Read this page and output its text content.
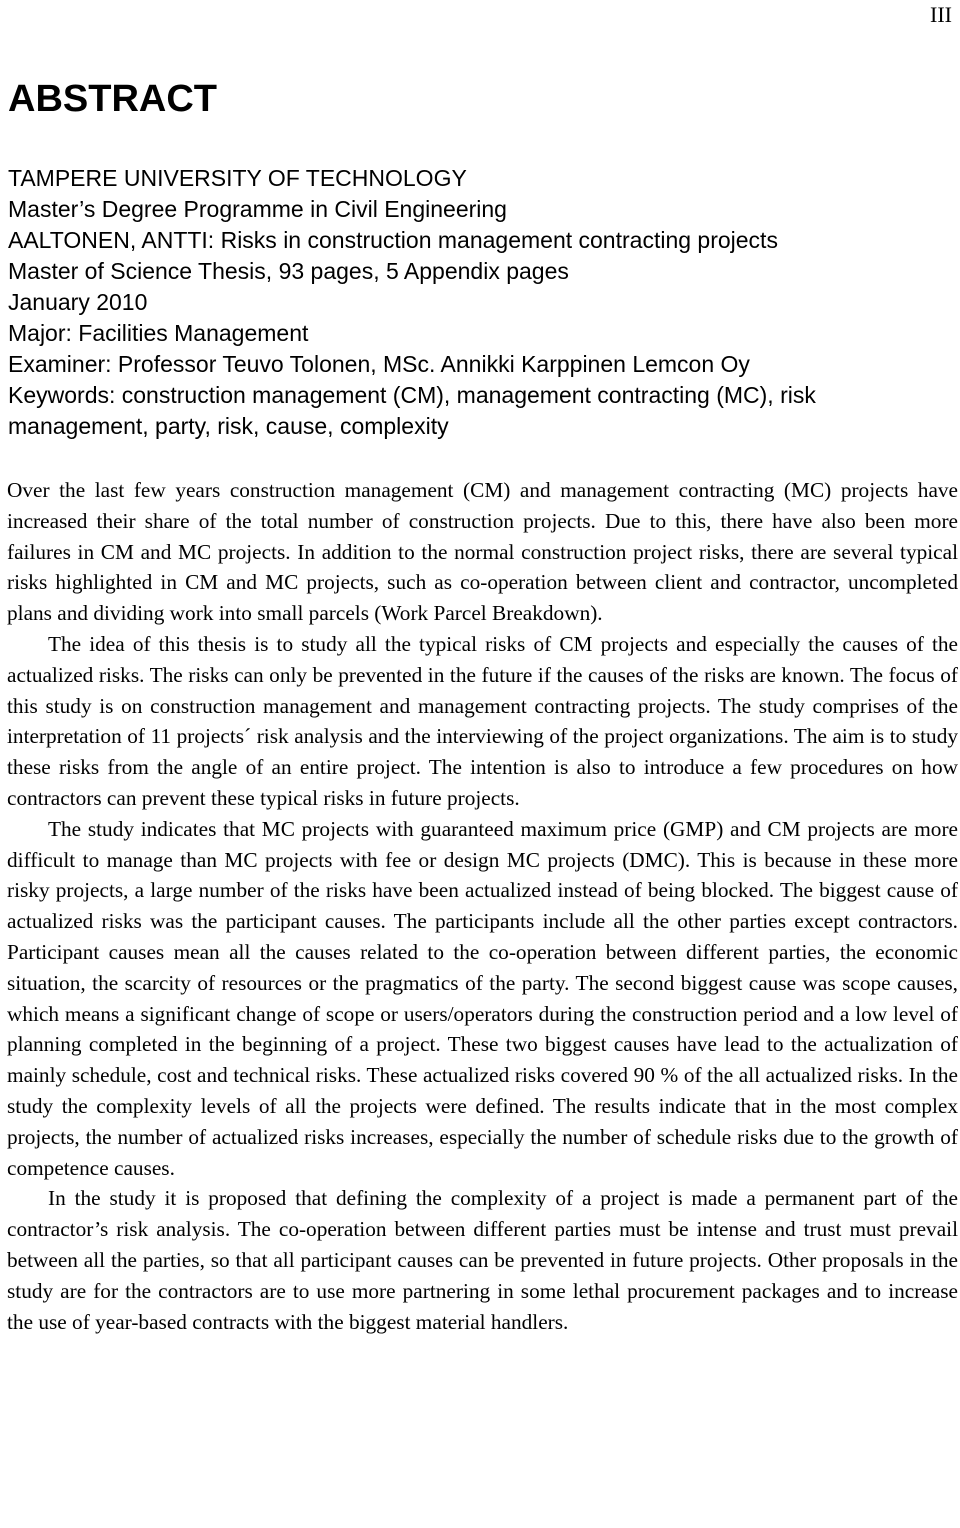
III
ABSTRACT
TAMPERE UNIVERSITY OF TECHNOLOGY
Master’s Degree Programme in Civil Engineering
AALTONEN, ANTTI: Risks in construction management contracting projects
Master of Science Thesis, 93 pages, 5 Appendix pages
January 2010
Major: Facilities Management
Examiner: Professor Teuvo Tolonen, MSc. Annikki Karppinen Lemcon Oy
Keywords: construction management (CM), management contracting (MC), risk management, party, risk, cause, complexity

Over the last few years construction management (CM) and management contracting (MC) projects have increased their share of the total number of construction projects. Due to this, there have also been more failures in CM and MC projects. In addition to the normal construction project risks, there are several typical risks highlighted in CM and MC projects, such as co-operation between client and contractor, uncompleted plans and dividing work into small parcels (Work Parcel Breakdown).

The idea of this thesis is to study all the typical risks of CM projects and especially the causes of the actualized risks. The risks can only be prevented in the future if the causes of the risks are known. The focus of this study is on construction management and management contracting projects. The study comprises of the interpretation of 11 projects´ risk analysis and the interviewing of the project organizations. The aim is to study these risks from the angle of an entire project. The intention is also to introduce a few procedures on how contractors can prevent these typical risks in future projects.

The study indicates that MC projects with guaranteed maximum price (GMP) and CM projects are more difficult to manage than MC projects with fee or design MC projects (DMC). This is because in these more risky projects, a large number of the risks have been actualized instead of being blocked. The biggest cause of actualized risks was the participant causes. The participants include all the other parties except contractors. Participant causes mean all the causes related to the co-operation between different parties, the economic situation, the scarcity of resources or the pragmatics of the party. The second biggest cause was scope causes, which means a significant change of scope or users/operators during the construction period and a low level of planning completed in the beginning of a project. These two biggest causes have lead to the actualization of mainly schedule, cost and technical risks. These actualized risks covered 90 % of the all actualized risks. In the study the complexity levels of all the projects were defined. The results indicate that in the most complex projects, the number of actualized risks increases, especially the number of schedule risks due to the growth of competence causes.

In the study it is proposed that defining the complexity of a project is made a permanent part of the contractor’s risk analysis. The co-operation between different parties must be intense and trust must prevail between all the parties, so that all participant causes can be prevented in future projects. Other proposals in the study are for the contractors are to use more partnering in some lethal procurement packages and to increase the use of year-based contracts with the biggest material handlers.
